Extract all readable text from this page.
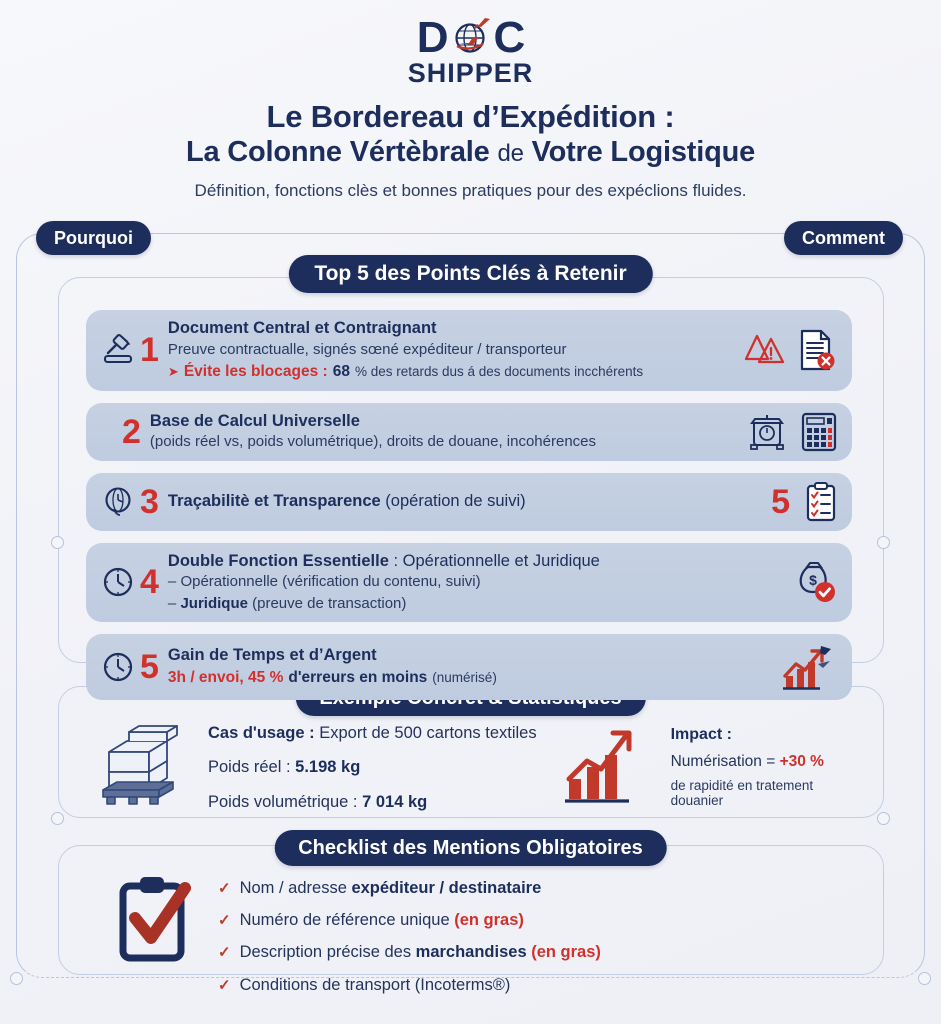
D C
SHIPPER
Le Bordereau d’Expédition :
La Colonne Vértèbrale de Votre Logistique
Définition, fonctions clès et bonnes pratiques pour des expéclions fluides.
Pourquoi	Comment
Top 5 des Points Clés à Retenir
Checklist des Mentions Obligatoires
1
Document Central et Contraignant
Preuve contractualle, signés sœné expéditeur / transporteur
➤ Évite les blocages : 68 % des retards dus á des documents incchérents
2 Base de Calcul Universelle
(poids réel vs, poids volumétrique), droits de douane, incohérences
3 Traçabilitè et Transparence (opération de suivi)	5
4
Double Fonction Essentielle : Opérationnelle et Juridique
– Opérationnelle (vérification du contenu, suivi)
– Juridique (preuve de transaction)
$
5 Gain de Temps et d’Argent
3h / envoi, 45 % d'erreurs en moins (numérisé)
Cas d'usage : Export de 500 cartons textiles
Poids réel : 5.198 kg
Poids volumétrique : 7 014 kg
Impact :
Numérisation = +30 %
de rapidité en tratement douanier
✓ Nom / adresse expéditeur / destinataire
✓ Numéro de référence unique (en gras)
✓ Description précise des marchandises (en gras)
✓ Conditions de transport (Incoterms®)
